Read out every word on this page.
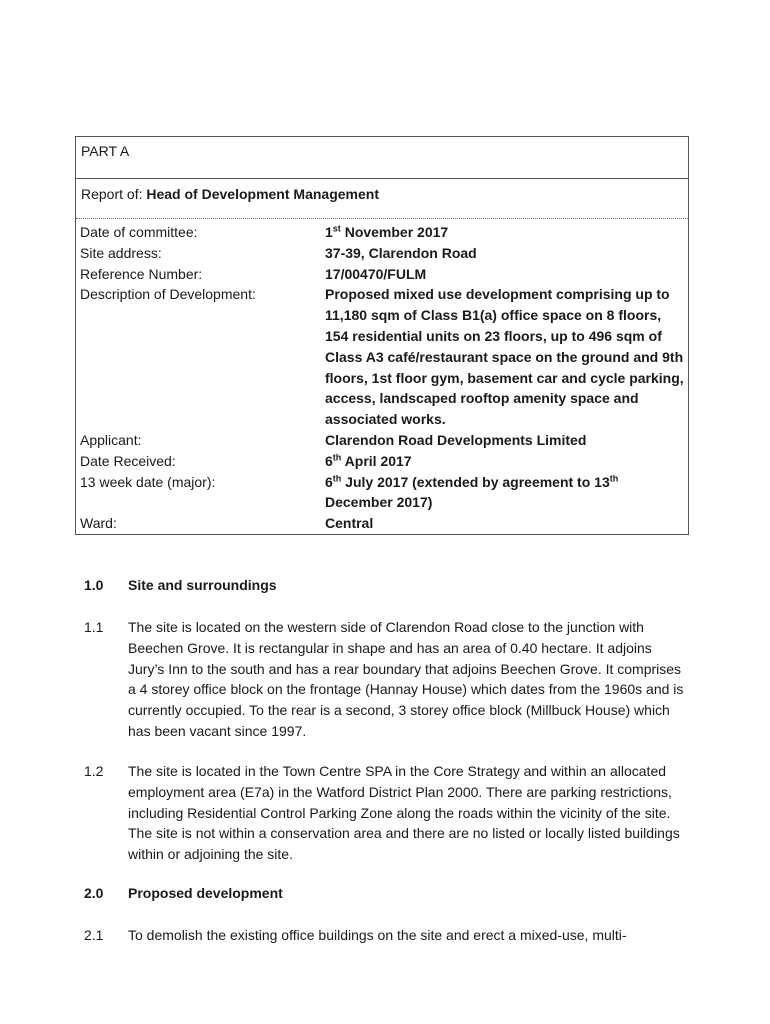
PART A
Report of: Head of Development Management
Date of committee:	1st November 2017
Site address:	37-39, Clarendon Road
Reference Number:	17/00470/FULM
Description of Development:	Proposed mixed use development comprising up to 11,180 sqm of Class B1(a) office space on 8 floors, 154 residential units on 23 floors, up to 496 sqm of Class A3 café/restaurant space on the ground and 9th floors, 1st floor gym, basement car and cycle parking, access, landscaped rooftop amenity space and associated works.
Applicant:	Clarendon Road Developments Limited
Date Received:	6th April 2017
13 week date (major):	6th July 2017 (extended by agreement to 13th December 2017)
Ward:	Central
1.0 Site and surroundings
1.1 The site is located on the western side of Clarendon Road close to the junction with Beechen Grove. It is rectangular in shape and has an area of 0.40 hectare. It adjoins Jury’s Inn to the south and has a rear boundary that adjoins Beechen Grove. It comprises a 4 storey office block on the frontage (Hannay House) which dates from the 1960s and is currently occupied. To the rear is a second, 3 storey office block (Millbuck House) which has been vacant since 1997.
1.2 The site is located in the Town Centre SPA in the Core Strategy and within an allocated employment area (E7a) in the Watford District Plan 2000. There are parking restrictions, including Residential Control Parking Zone along the roads within the vicinity of the site. The site is not within a conservation area and there are no listed or locally listed buildings within or adjoining the site.
2.0 Proposed development
2.1 To demolish the existing office buildings on the site and erect a mixed-use, multi-
